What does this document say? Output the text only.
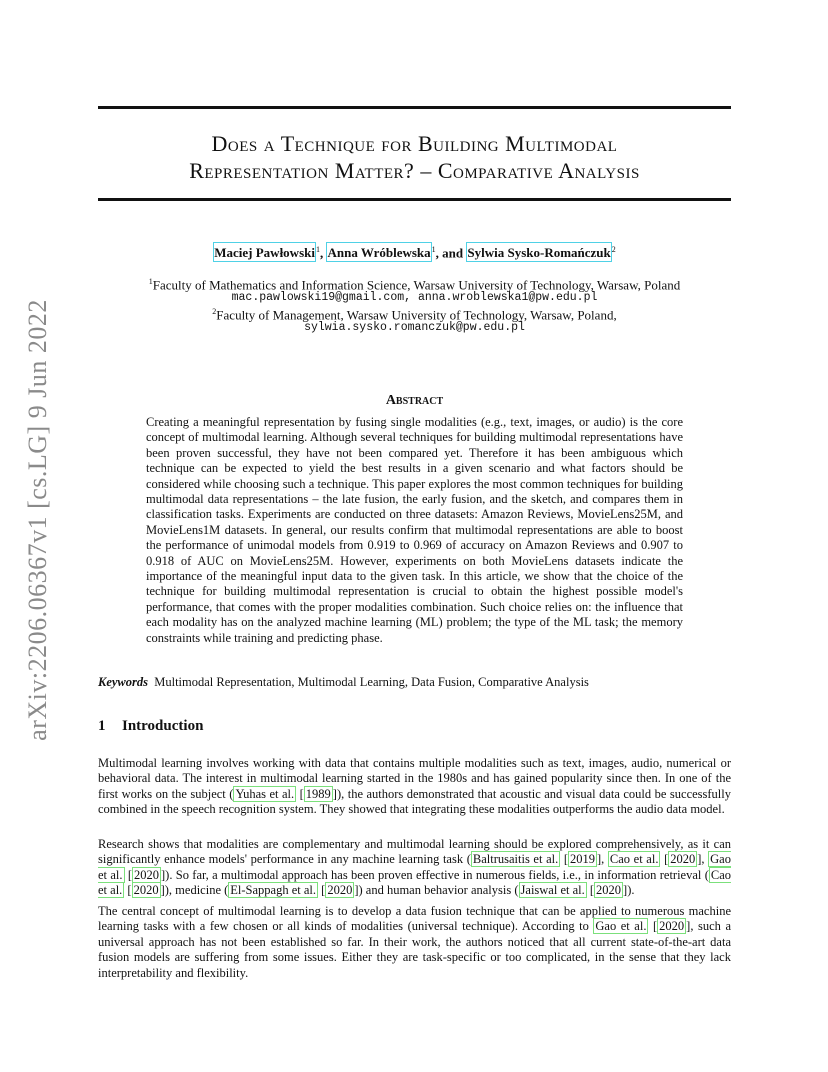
arXiv:2206.06367v1 [cs.LG] 9 Jun 2022
Does a Technique for Building Multimodal
Representation Matter? – Comparative Analysis
Maciej Pawłowski$^1$, Anna Wróblewska$^1$, and Sylwia Sysko-Romańczuk$^2$
$^1$Faculty of Mathematics and Information Science, Warsaw University of Technology, Warsaw, Poland
mac.pawlowski19@gmail.com, anna.wroblewska1@pw.edu.pl
$^2$Faculty of Management, Warsaw University of Technology, Warsaw, Poland,
sylwia.sysko.romanczuk@pw.edu.pl
Abstract
Creating a meaningful representation by fusing single modalities (e.g., text, images, or audio) is the core concept of multimodal learning. Although several techniques for building multimodal representations have been proven successful, they have not been compared yet. Therefore it has been ambiguous which technique can be expected to yield the best results in a given scenario and what factors should be considered while choosing such a technique. This paper explores the most common techniques for building multimodal data representations – the late fusion, the early fusion, and the sketch, and compares them in classification tasks. Experiments are conducted on three datasets: Amazon Reviews, MovieLens25M, and MovieLens1M datasets. In general, our results confirm that multimodal representations are able to boost the performance of unimodal models from 0.919 to 0.969 of accuracy on Amazon Reviews and 0.907 to 0.918 of AUC on MovieLens25M. However, experiments on both MovieLens datasets indicate the importance of the meaningful input data to the given task. In this article, we show that the choice of the technique for building multimodal representation is crucial to obtain the highest possible model's performance, that comes with the proper modalities combination. Such choice relies on: the influence that each modality has on the analyzed machine learning (ML) problem; the type of the ML task; the memory constraints while training and predicting phase.
Keywords Multimodal Representation, Multimodal Learning, Data Fusion, Comparative Analysis
1 Introduction
Multimodal learning involves working with data that contains multiple modalities such as text, images, audio, numerical or behavioral data. The interest in multimodal learning started in the 1980s and has gained popularity since then. In one of the first works on the subject ( Yuhas et al. [ 1989 ]), the authors demonstrated that acoustic and visual data could be successfully combined in the speech recognition system. They showed that integrating these modalities outperforms the audio data model.
Research shows that modalities are complementary and multimodal learning should be explored comprehensively, as it can significantly enhance models' performance in any machine learning task ( Baltrusaitis et al. [ 2019 ], Cao et al. [ 2020 ], Gao et al. [ 2020 ]). So far, a multimodal approach has been proven effective in numerous fields, i.e., in information retrieval ( Cao et al. [ 2020 ]), medicine ( El-Sappagh et al. [ 2020 ]) and human behavior analysis ( Jaiswal et al. [ 2020 ]).
The central concept of multimodal learning is to develop a data fusion technique that can be applied to numerous machine learning tasks with a few chosen or all kinds of modalities (universal technique). According to Gao et al. [ 2020 ], such a universal approach has not been established so far. In their work, the authors noticed that all current state-of-the-art data fusion models are suffering from some issues. Either they are task-specific or too complicated, in the sense that they lack interpretability and flexibility.
